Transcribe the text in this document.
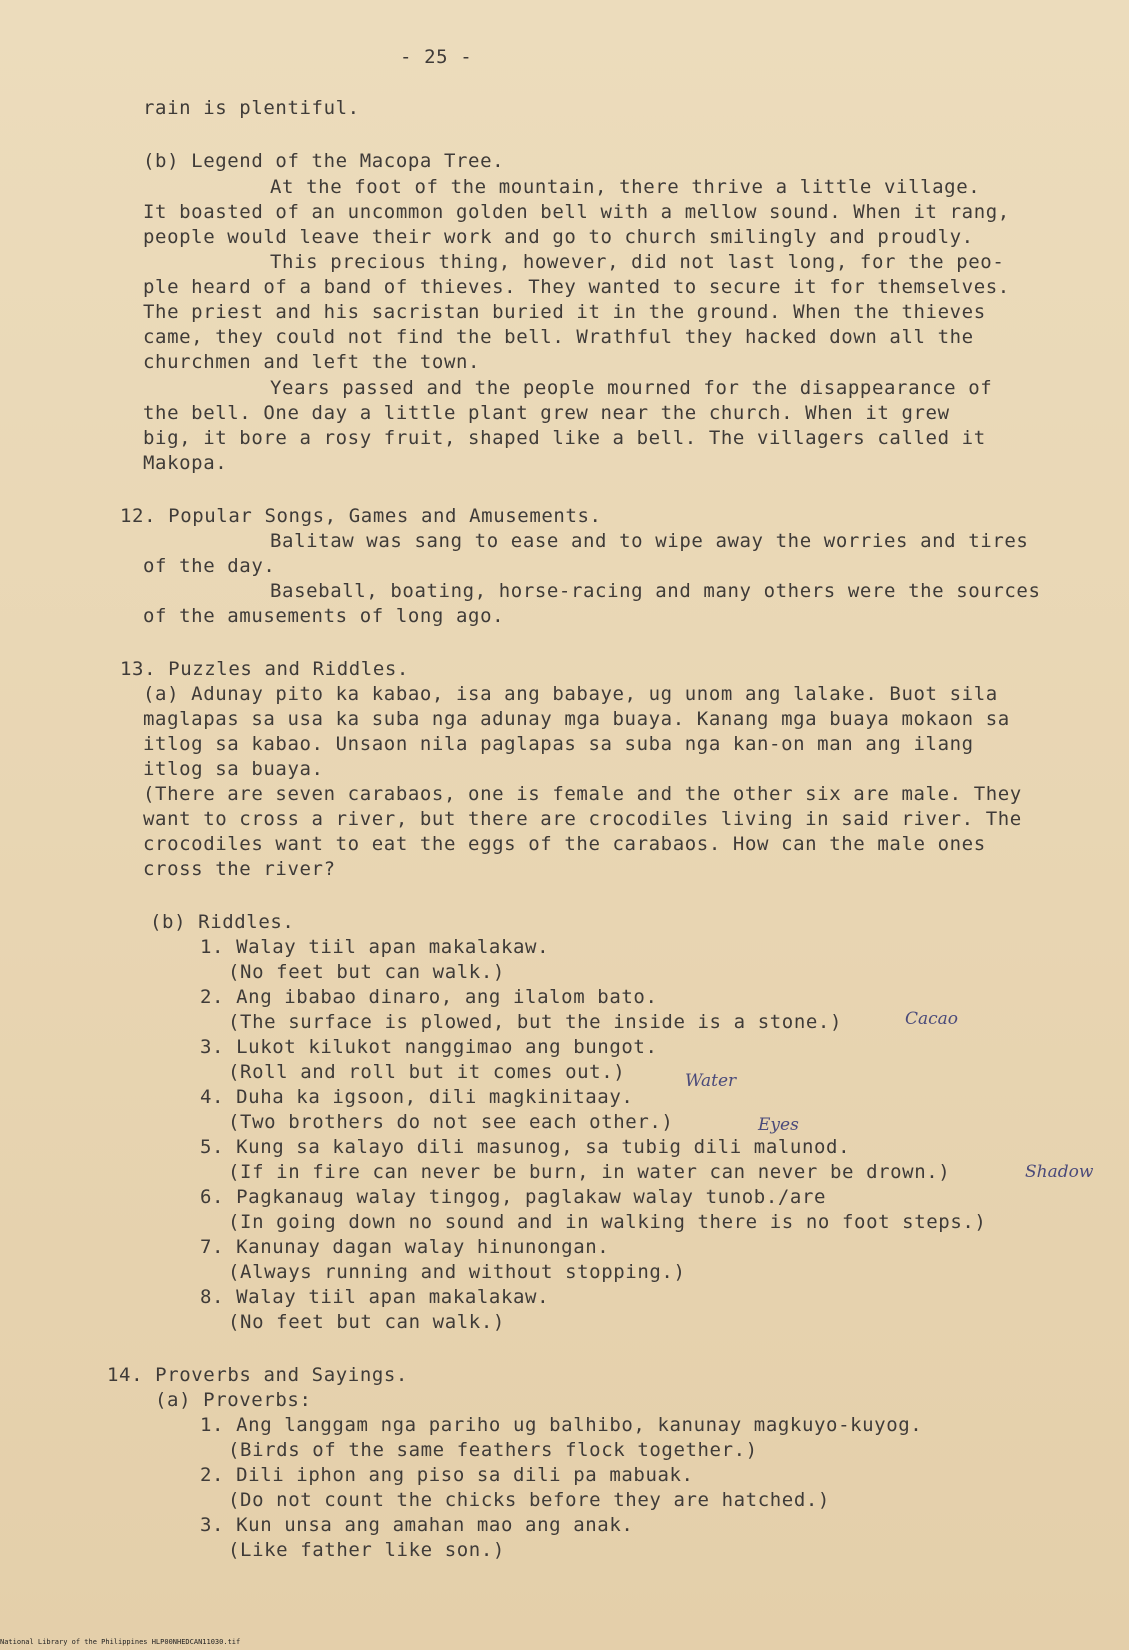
- 25 -
rain is plentiful.
(b) Legend of the Macopa Tree.
At the foot of the mountain, there thrive a little village.
It boasted of an uncommon golden bell with a mellow sound. When it rang,
people would leave their work and go to church smilingly and proudly.
This precious thing, however, did not last long, for the peo-
ple heard of a band of thieves. They wanted to secure it for themselves.
The priest and his sacristan buried it in the ground. When the thieves
came, they could not find the bell. Wrathful they hacked down all the
churchmen and left the town.
Years passed and the people mourned for the disappearance of
the bell. One day a little plant grew near the church. When it grew
big, it bore a rosy fruit, shaped like a bell. The villagers called it
Makopa.
12. Popular Songs, Games and Amusements.
Balitaw was sang to ease and to wipe away the worries and tires
of the day.
Baseball, boating, horse-racing and many others were the sources
of the amusements of long ago.
13. Puzzles and Riddles.
(a) Adunay pito ka kabao, isa ang babaye, ug unom ang lalake. Buot sila
maglapas sa usa ka suba nga adunay mga buaya. Kanang mga buaya mokaon sa
itlog sa kabao. Unsaon nila paglapas sa suba nga kan-on man ang ilang
itlog sa buaya.
(There are seven carabaos, one is female and the other six are male. They
want to cross a river, but there are crocodiles living in said river. The
crocodiles want to eat the eggs of the carabaos. How can the male ones
cross the river?
(b) Riddles.
1. Walay tiil apan makalakaw.
(No feet but can walk.)
2. Ang ibabao dinaro, ang ilalom bato.
(The surface is plowed, but the inside is a stone.)
3. Lukot kilukot nanggimao ang bungot.
(Roll and roll but it comes out.)
4. Duha ka igsoon, dili magkinitaay.
(Two brothers do not see each other.)
5. Kung sa kalayo dili masunog, sa tubig dili malunod.
(If in fire can never be burn, in water can never be drown.)
6. Pagkanaug walay tingog, paglakaw walay tunob./are
(In going down no sound and in walking there is no foot steps.)
7. Kanunay dagan walay hinunongan.
(Always running and without stopping.)
8. Walay tiil apan makalakaw.
(No feet but can walk.)
14. Proverbs and Sayings.
(a) Proverbs:
1. Ang langgam nga pariho ug balhibo, kanunay magkuyo-kuyog.
(Birds of the same feathers flock together.)
2. Dili iphon ang piso sa dili pa mabuak.
(Do not count the chicks before they are hatched.)
3. Kun unsa ang amahan mao ang anak.
(Like father like son.)
Cacao
Water
Eyes
Shadow
National Library of the Philippines HLP00NHEDCAN11030.tif
